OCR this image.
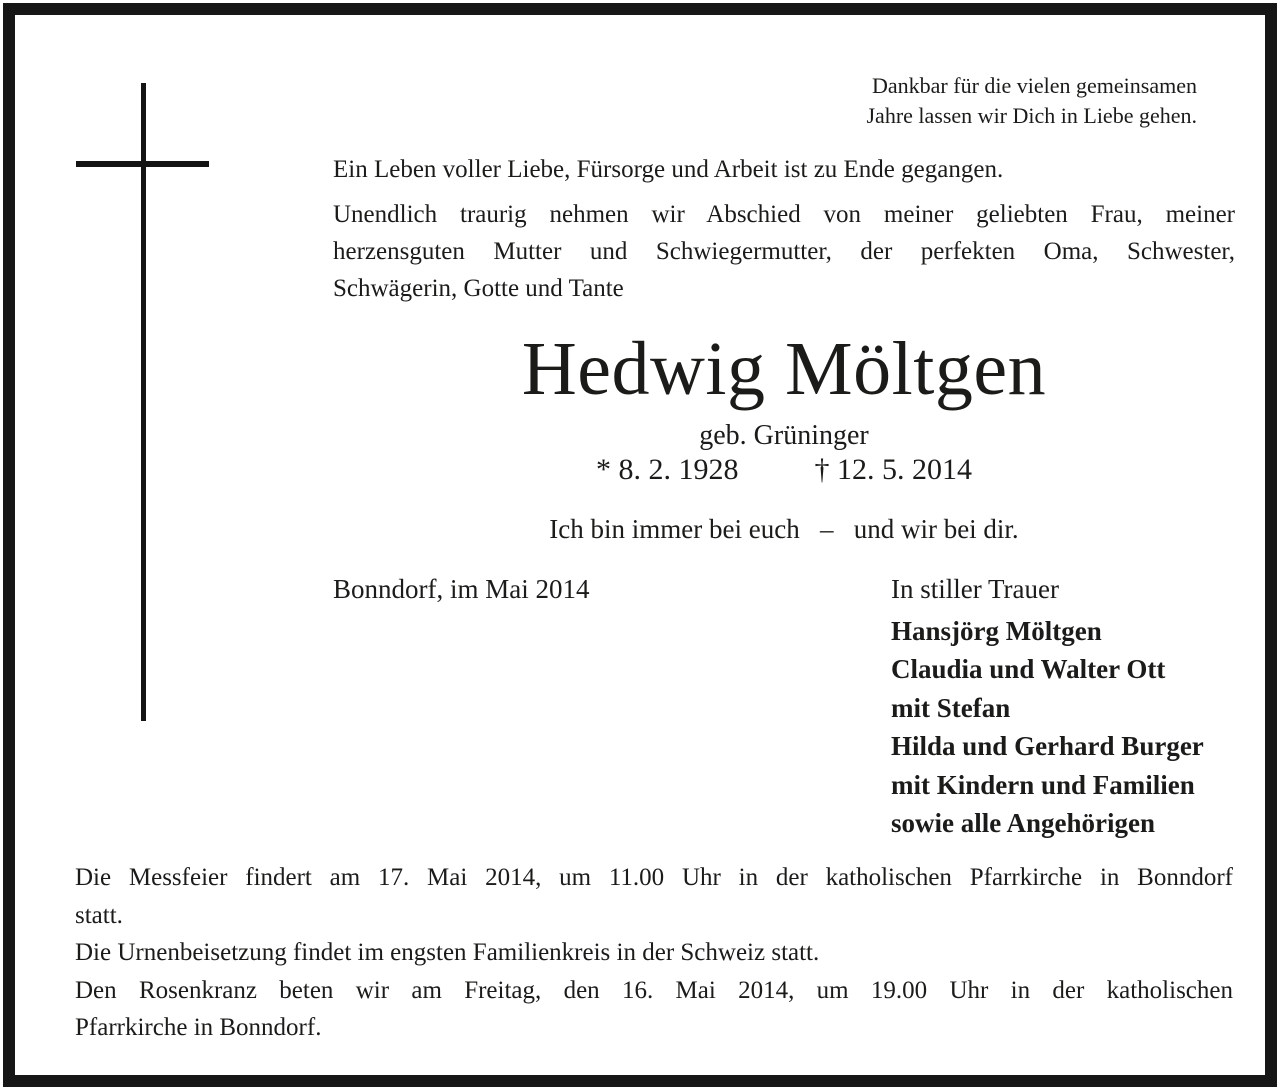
Dankbar für die vielen gemeinsamen
Jahre lassen wir Dich in Liebe gehen.
Ein Leben voller Liebe, Fürsorge und Arbeit ist zu Ende gegangen.
Unendlich traurig nehmen wir Abschied von meiner geliebten Frau, meiner
herzensguten Mutter und Schwiegermutter, der perfekten Oma, Schwester,
Schwägerin, Gotte und Tante
Hedwig Möltgen
geb. Grüninger
* 8. 2. 1928	† 12. 5. 2014
Ich bin immer bei euch  –  und wir bei dir.
Bonndorf, im Mai 2014	In stiller Trauer
Hansjörg Möltgen
Claudia und Walter Ott
mit Stefan
Hilda und Gerhard Burger
mit Kindern und Familien
sowie alle Angehörigen
Die Messfeier findert am 17. Mai 2014, um 11.00 Uhr in der katholischen Pfarrkirche in Bonndorf
statt.
Die Urnenbeisetzung findet im engsten Familienkreis in der Schweiz statt.
Den Rosenkranz beten wir am Freitag, den 16. Mai 2014, um 19.00 Uhr in der katholischen
Pfarrkirche in Bonndorf.
